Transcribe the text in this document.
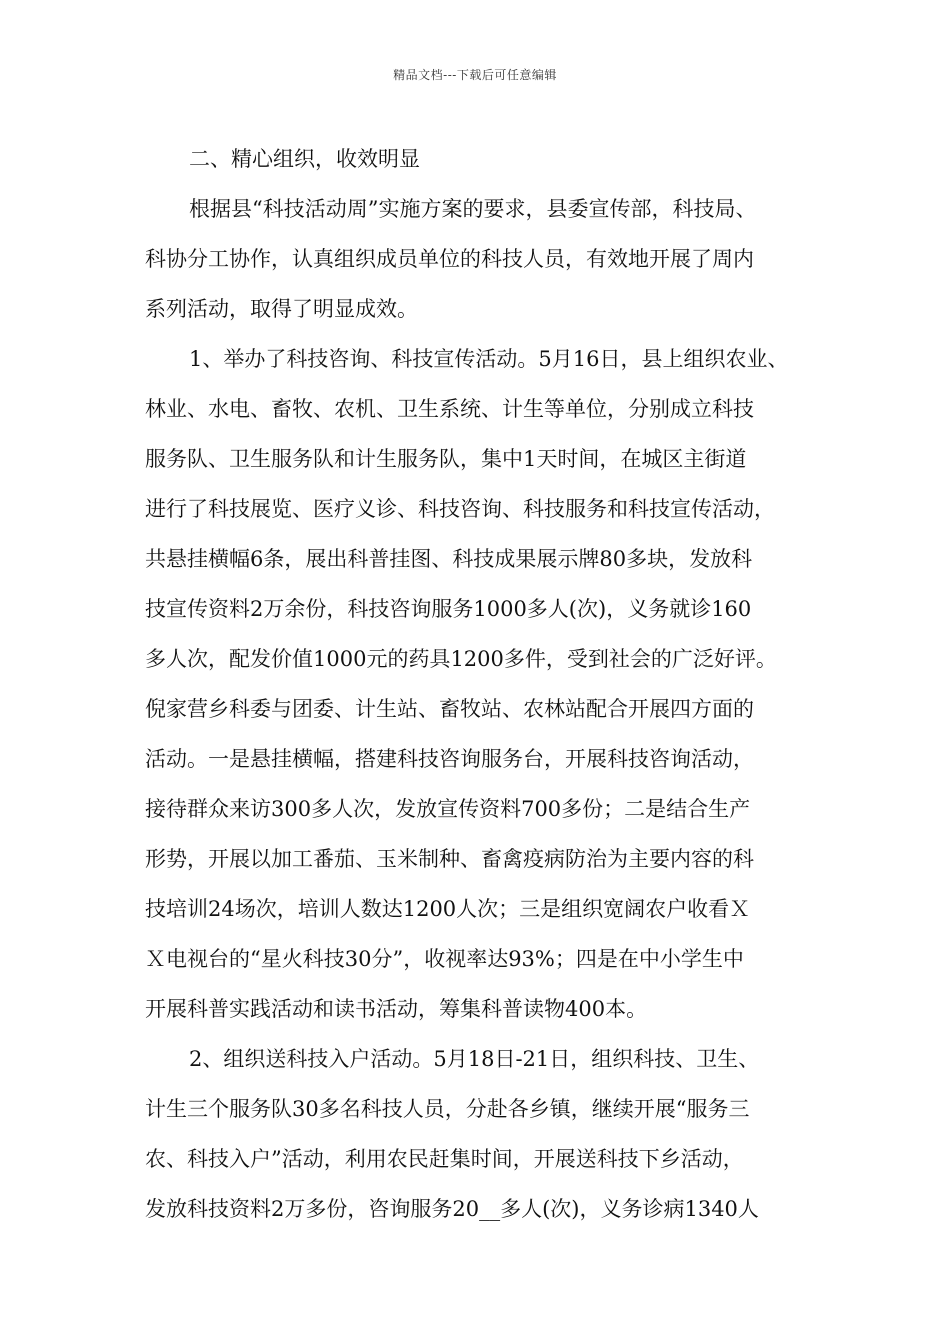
精品文档---下载后可任意编辑
二、精心组织，收效明显
根据县“科技活动周”实施方案的要求，县委宣传部，科技局、
科协分工协作，认真组织成员单位的科技人员，有效地开展了周内
系列活动，取得了明显成效。
1、举办了科技咨询、科技宣传活动。5月16日，县上组织农业、
林业、水电、畜牧、农机、卫生系统、计生等单位，分别成立科技
服务队、卫生服务队和计生服务队，集中1天时间，在城区主街道
进行了科技展览、医疗义诊、科技咨询、科技服务和科技宣传活动，
共悬挂横幅6条，展出科普挂图、科技成果展示牌80多块，发放科
技宣传资料2万余份，科技咨询服务1000多人(次)，义务就诊160
多人次，配发价值1000元的药具1200多件，受到社会的广泛好评。
倪家营乡科委与团委、计生站、畜牧站、农林站配合开展四方面的
活动。一是悬挂横幅，搭建科技咨询服务台，开展科技咨询活动，
接待群众来访300多人次，发放宣传资料700多份；二是结合生产
形势，开展以加工番茄、玉米制种、畜禽疫病防治为主要内容的科
技培训24场次，培训人数达1200人次；三是组织宽阔农户收看Ｘ
Ｘ电视台的“星火科技30分”，收视率达93%；四是在中小学生中
开展科普实践活动和读书活动，筹集科普读物400本。
2、组织送科技入户活动。5月18日-21日，组织科技、卫生、
计生三个服务队30多名科技人员，分赴各乡镇，继续开展“服务三
农、科技入户”活动，利用农民赶集时间，开展送科技下乡活动，
发放科技资料2万多份，咨询服务20__多人(次)，义务诊病1340人
